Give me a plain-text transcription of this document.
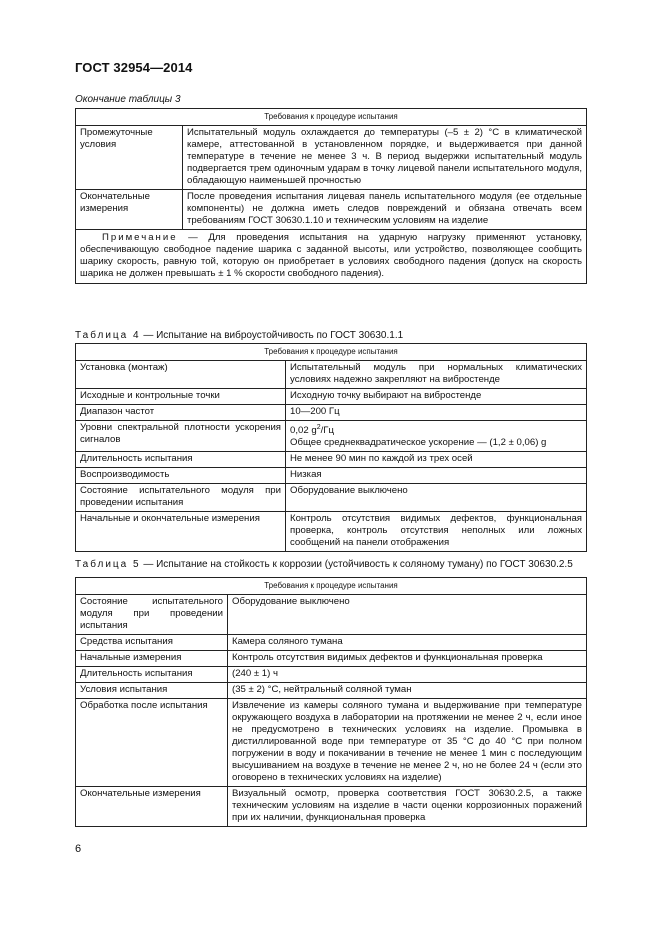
ГОСТ 32954—2014
Окончание таблицы 3
Требования к процедуре испытания	
Промежуточные условия	Испытательный модуль охлаждается до температуры (–5 ± 2) °С в климатической камере, аттестованной в установленном порядке, и выдерживается при данной температуре в течение не менее 3 ч. В период выдержки испытательный модуль подвергается трем одиночным ударам в точку лицевой панели испытательного модуля, обладающую наименьшей прочностью
Окончательные измерения	После проведения испытания лицевая панель испытательного модуля (ее отдельные компоненты) не должна иметь следов повреждений и обязана отвечать всем требованиям ГОСТ 30630.1.10 и техническим условиям на изделие
Примечание — Для проведения испытания на ударную нагрузку применяют установку, обеспечивающую свободное падение шарика с заданной высоты, или устройство, позволяющее сообщить шарику скорость, равную той, которую он приобретает в условиях свободного падения (допуск на скорость шарика не должен превышать ± 1 % скорости свободного падения).	
Таблица 4 — Испытание на виброустойчивость по ГОСТ 30630.1.1
Требования к процедуре испытания	
Установка (монтаж)	Испытательный модуль при нормальных климатических условиях надежно закрепляют на вибростенде
Исходные и контрольные точки	Исходную точку выбирают на вибростенде
Диапазон частот	10—200 Гц
Уровни спектральной плотности ускорения сигналов	0,02 $g^2/Гц$
Общее среднеквадратическое ускорение — (1,2 ± 0,06) g
Длительность испытания	Не менее 90 мин по каждой из трех осей
Воспроизводимость	Низкая
Состояние испытательного модуля при проведении испытания	Оборудование выключено
Начальные и окончательные измерения	Контроль отсутствия видимых дефектов, функциональная проверка, контроль отсутствия неполных или ложных сообщений на панели отображения
Таблица 5 — Испытание на стойкость к коррозии (устойчивость к соляному туману) по ГОСТ 30630.2.5
Требования к процедуре испытания	
Состояние испытательного модуля при проведении испытания	Оборудование выключено
Средства испытания	Камера соляного тумана
Начальные измерения	Контроль отсутствия видимых дефектов и функциональная проверка
Длительность испытания	(240 ± 1) ч
Условия испытания	(35 ± 2) °С, нейтральный соляной туман
Обработка после испытания	Извлечение из камеры соляного тумана и выдерживание при температуре окружающего воздуха в лаборатории на протяжении не менее 2 ч, если иное не предусмотрено в технических условиях на изделие. Промывка в дистиллированной воде при температуре от 35 °С до 40 °С при полном погружении в воду и покачивании в течение не менее 1 мин с последующим высушиванием на воздухе в течение не менее 2 ч, но не более 24 ч (если это оговорено в технических условиях на изделие)
Окончательные измерения	Визуальный осмотр, проверка соответствия ГОСТ 30630.2.5, а также техническим условиям на изделие в части оценки коррозионных поражений при их наличии, функциональная проверка
6
